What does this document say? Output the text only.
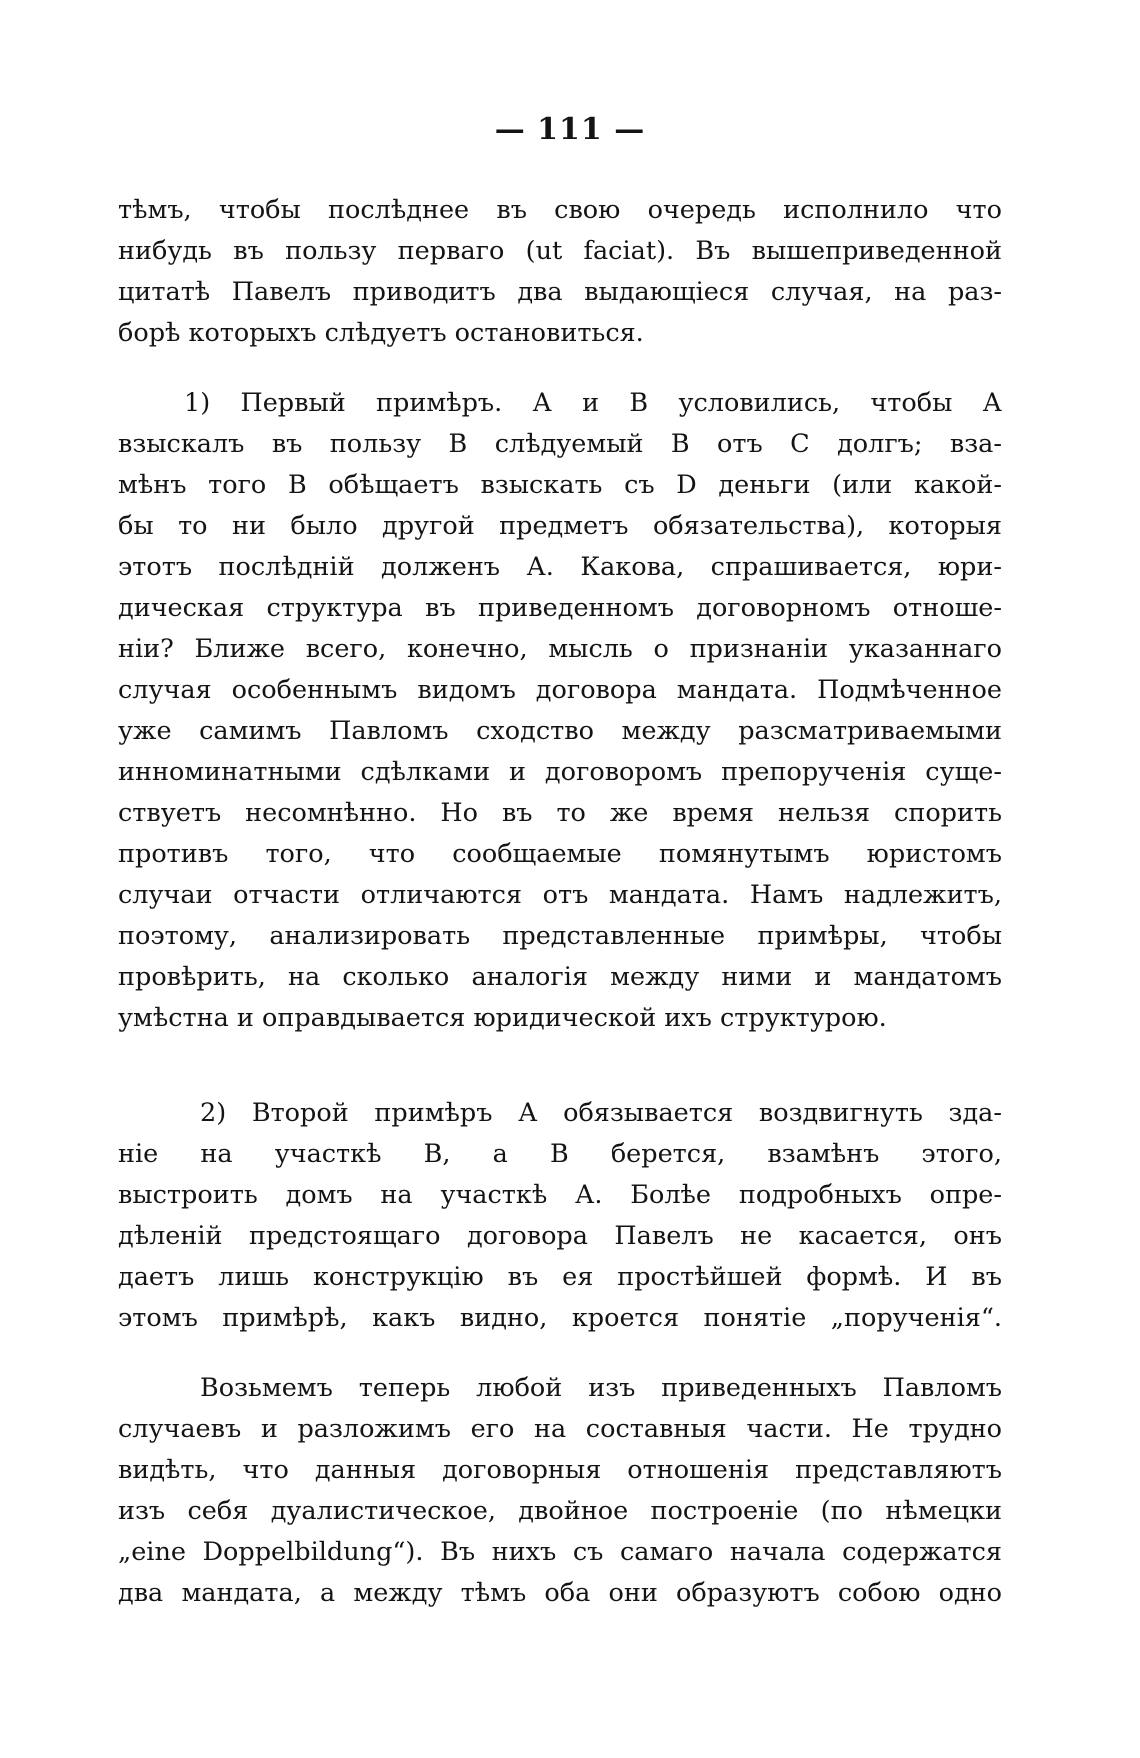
— 111 —
тѣмъ, чтобы послѣднее въ свою очередь исполнило что
нибудь въ пользу перваго (ut faciat). Въ вышеприведенной
цитатѣ Павелъ приводитъ два выдающіеся случая, на раз-
борѣ которыхъ слѣдуетъ остановиться.
1) Первый примѣръ. А и В условились, чтобы А
взыскалъ въ пользу В слѣдуемый В отъ С долгъ; вза-
мѣнъ того В обѣщаетъ взыскать съ D деньги (или какой-
бы то ни было другой предметъ обязательства), которыя
этотъ послѣдній долженъ А. Какова, спрашивается, юри-
дическая структура въ приведенномъ договорномъ отноше-
ніи? Ближе всего, конечно, мысль о признаніи указаннаго
случая особеннымъ видомъ договора мандата. Подмѣченное
уже самимъ Павломъ сходство между разсматриваемыми
инноминатными сдѣлками и договоромъ препорученія суще-
ствуетъ несомнѣнно. Но въ то же время нельзя спорить
противъ того, что сообщаемые помянутымъ юристомъ
случаи отчасти отличаются отъ мандата. Намъ надлежитъ,
поэтому, анализировать представленные примѣры, чтобы
провѣрить, на сколько аналогія между ними и мандатомъ
умѣстна и оправдывается юридической ихъ структурою.
2) Второй примѣръ А обязывается воздвигнуть зда-
ніе на участкѣ В, а В берется, взамѣнъ этого,
выстроить домъ на участкѣ А. Болѣе подробныхъ опре-
дѣленій предстоящаго договора Павелъ не касается, онъ
даетъ лишь конструкцію въ ея простѣйшей формѣ. И въ
этомъ примѣрѣ, какъ видно, кроется понятіе „порученія“.
Возьмемъ теперь любой изъ приведенныхъ Павломъ
случаевъ и разложимъ его на составныя части. Не трудно
видѣть, что данныя договорныя отношенія представляютъ
изъ себя дуалистическое, двойное построеніе (по нѣмецки
„eine Doppelbildung“). Въ нихъ съ самаго начала содержатся
два мандата, а между тѣмъ оба они образуютъ собою одно
